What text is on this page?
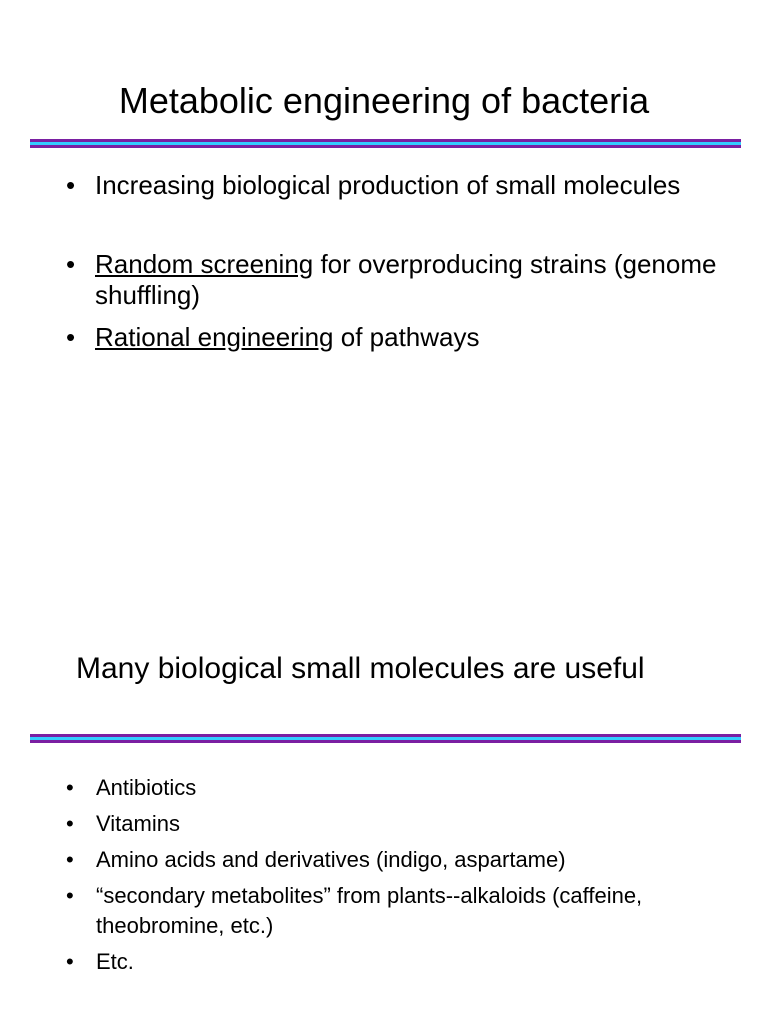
Metabolic engineering of bacteria
• Increasing biological production of small molecules
• Random screening for overproducing strains (genome shuffling)
• Rational engineering of pathways
Many biological small molecules are useful
• Antibiotics
• Vitamins
• Amino acids and derivatives (indigo, aspartame)
• “secondary metabolites” from plants--alkaloids (caffeine, theobromine, etc.)
• Etc.
